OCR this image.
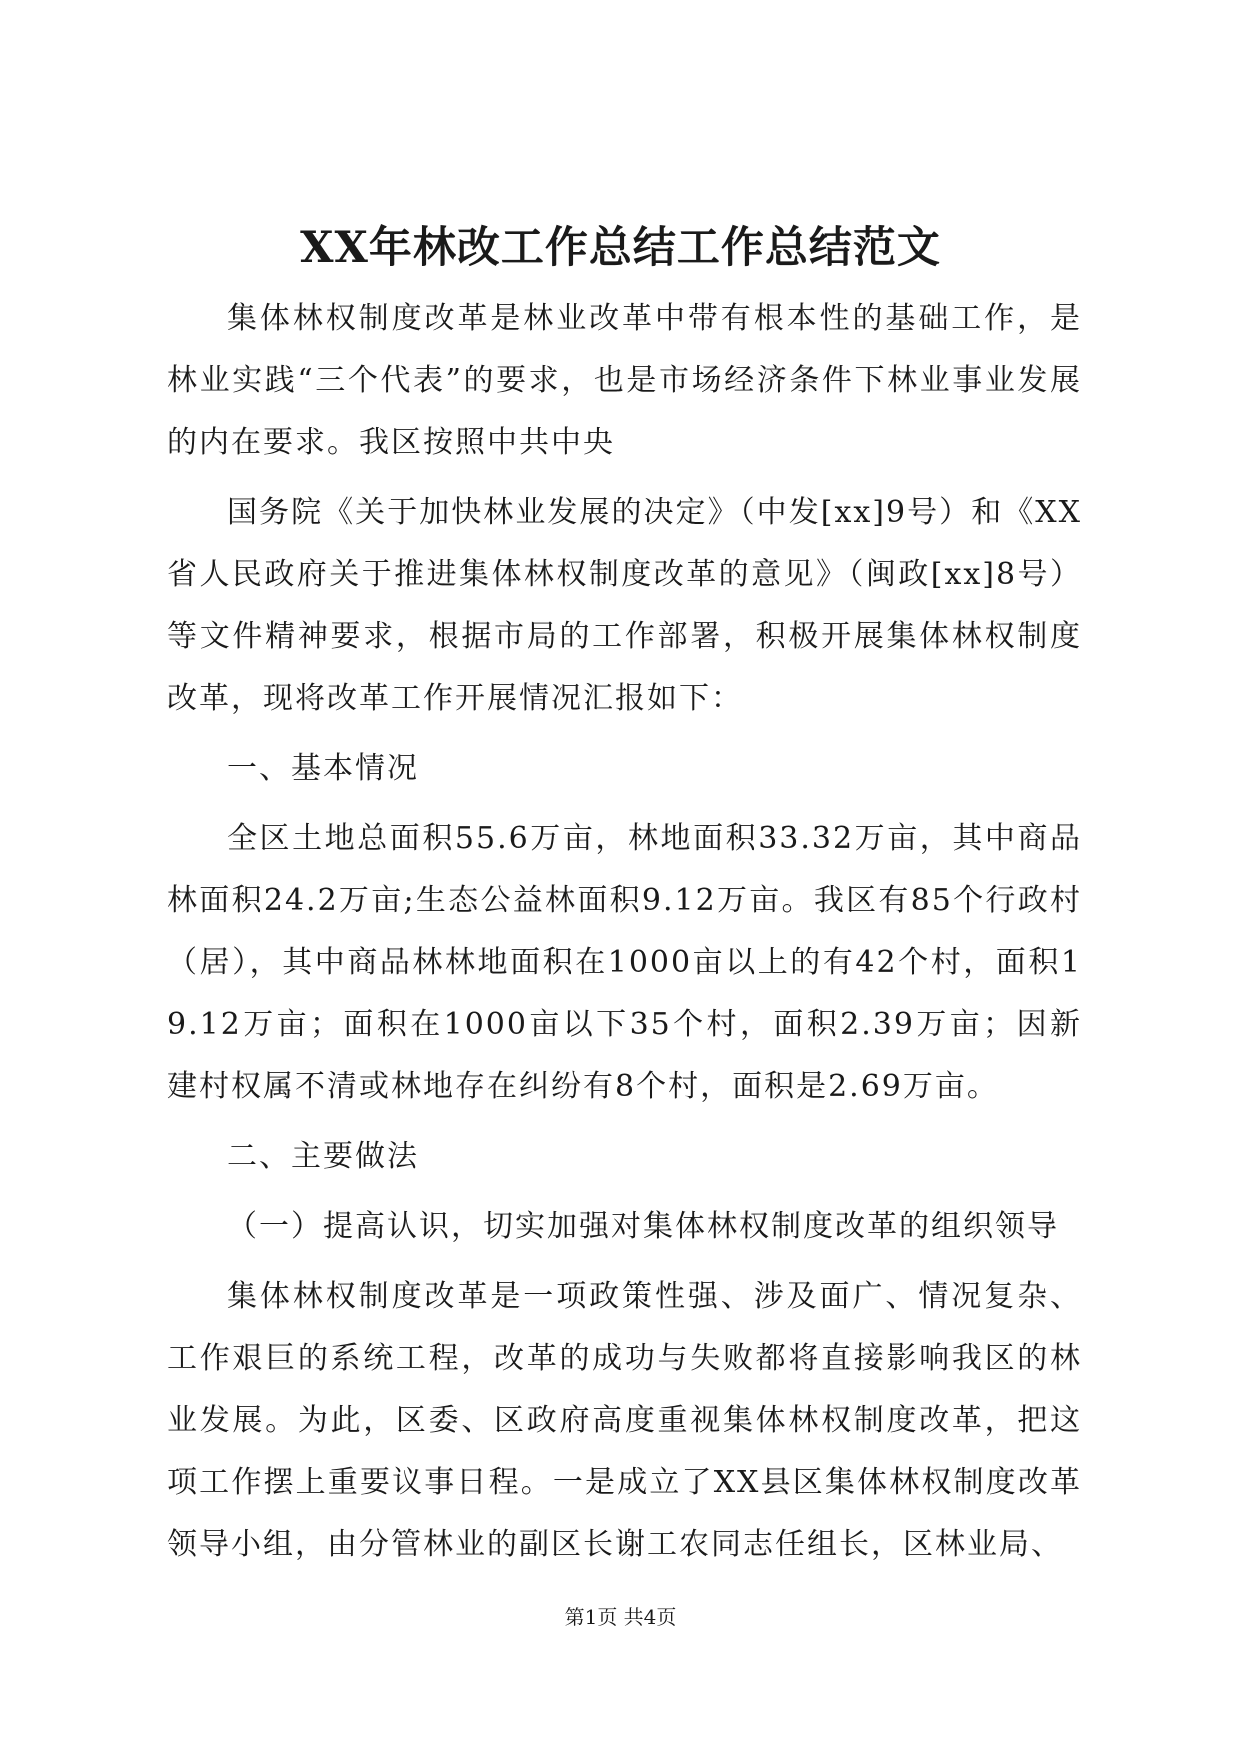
XX年林改工作总结工作总结范文

集体林权制度改革是林业改革中带有根本性的基础工作，是林业实践“三个代表”的要求，也是市场经济条件下林业事业发展的内在要求。我区按照中共中央

国务院《关于加快林业发展的决定》（中发[xx]9号）和《XX省人民政府关于推进集体林权制度改革的意见》（闽政[xx]8号）等文件精神要求，根据市局的工作部署，积极开展集体林权制度改革，现将改革工作开展情况汇报如下：

一、基本情况

全区土地总面积55.6万亩，林地面积33.32万亩，其中商品林面积24.2万亩;生态公益林面积9.12万亩。我区有85个行政村（居），其中商品林林地面积在1000亩以上的有42个村，面积19.12万亩；面积在1000亩以下35个村，面积2.39万亩；因新建村权属不清或林地存在纠纷有8个村，面积是2.69万亩。

二、主要做法

（一）提高认识，切实加强对集体林权制度改革的组织领导

集体林权制度改革是一项政策性强、涉及面广、情况复杂、工作艰巨的系统工程，改革的成功与失败都将直接影响我区的林业发展。为此，区委、区政府高度重视集体林权制度改革，把这项工作摆上重要议事日程。一是成立了XX县区集体林权制度改革领导小组，由分管林业的副区长谢工农同志任组长，区林业局、

第1页 共4页
